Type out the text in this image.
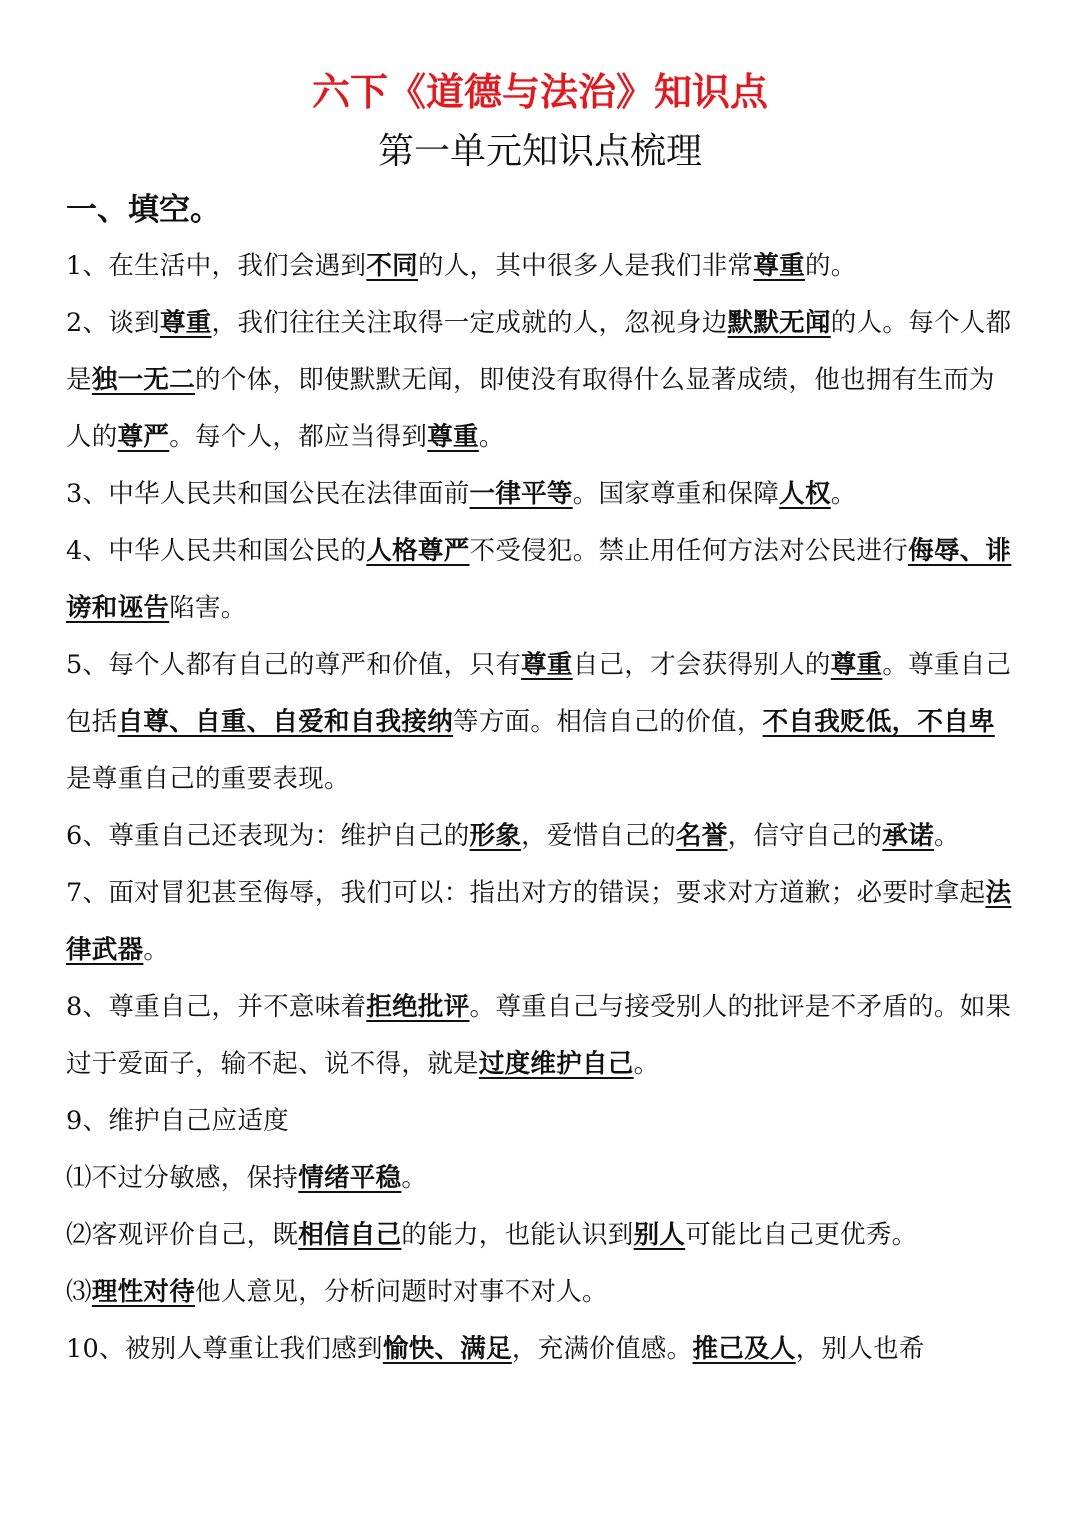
六下《道德与法治》知识点
第一单元知识点梳理
一、填空。

1、在生活中，我们会遇到不同的人，其中很多人是我们非常尊重的。

2、谈到尊重，我们往往关注取得一定成就的人，忽视身边默默无闻的人。每个人都是独一无二的个体，即使默默无闻，即使没有取得什么显著成绩，他也拥有生而为人的尊严。每个人，都应当得到尊重。

3、中华人民共和国公民在法律面前一律平等。国家尊重和保障人权。

4、中华人民共和国公民的人格尊严不受侵犯。禁止用任何方法对公民进行侮辱、诽谤和诬告陷害。

5、每个人都有自己的尊严和价值，只有尊重自己，才会获得别人的尊重。尊重自己包括自尊、自重、自爱和自我接纳等方面。相信自己的价值，不自我贬低，不自卑是尊重自己的重要表现。

6、尊重自己还表现为：维护自己的形象，爱惜自己的名誉，信守自己的承诺。

7、面对冒犯甚至侮辱，我们可以：指出对方的错误；要求对方道歉；必要时拿起法律武器。

8、尊重自己，并不意味着拒绝批评。尊重自己与接受别人的批评是不矛盾的。如果过于爱面子，输不起、说不得，就是过度维护自己。

9、维护自己应适度

⑴不过分敏感，保持情绪平稳。

⑵客观评价自己，既相信自己的能力，也能认识到别人可能比自己更优秀。

⑶理性对待他人意见，分析问题时对事不对人。

10、被别人尊重让我们感到愉快、满足，充满价值感。推己及人，别人也希
